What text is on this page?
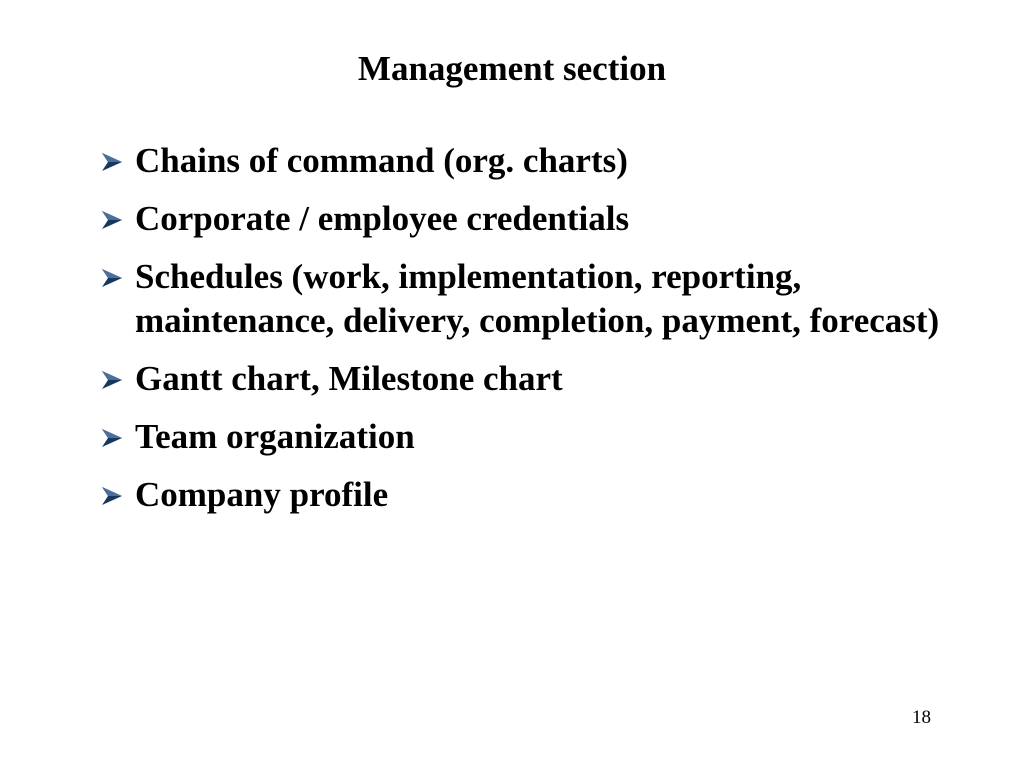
Management section
Chains of command (org. charts)
Corporate / employee credentials
Schedules (work, implementation, reporting, maintenance, delivery, completion, payment, forecast)
Gantt chart, Milestone chart
Team organization
Company profile
18
